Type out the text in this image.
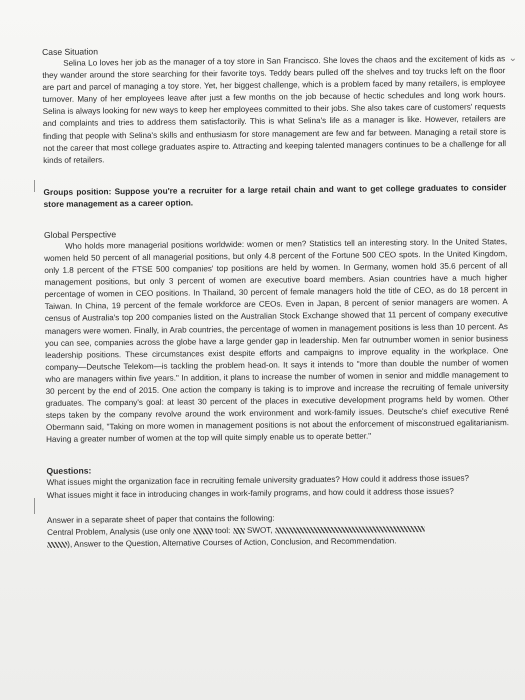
⌄

Case Situation

Selina Lo loves her job as the manager of a toy store in San Francisco. She loves the chaos and the excitement of kids as they wander around the store searching for their favorite toys. Teddy bears pulled off the shelves and toy trucks left on the floor are part and parcel of managing a toy store. Yet, her biggest challenge, which is a problem faced by many retailers, is employee turnover. Many of her employees leave after just a few months on the job because of hectic schedules and long work hours. Selina is always looking for new ways to keep her employees committed to their jobs. She also takes care of customers' requests and complaints and tries to address them satisfactorily. This is what Selina's life as a manager is like. However, retailers are finding that people with Selina's skills and enthusiasm for store management are few and far between. Managing a retail store is not the career that most college graduates aspire to. Attracting and keeping talented managers continues to be a challenge for all kinds of retailers.

Groups position: Suppose you're a recruiter for a large retail chain and want to get college graduates to consider store management as a career option.

Global Perspective

Who holds more managerial positions worldwide: women or men? Statistics tell an interesting story. In the United States, women held 50 percent of all managerial positions, but only 4.8 percent of the Fortune 500 CEO spots. In the United Kingdom, only 1.8 percent of the FTSE 500 companies' top positions are held by women. In Germany, women hold 35.6 percent of all management positions, but only 3 percent of women are executive board members. Asian countries have a much higher percentage of women in CEO positions. In Thailand, 30 percent of female managers hold the title of CEO, as do 18 percent in Taiwan. In China, 19 percent of the female workforce are CEOs. Even in Japan, 8 percent of senior managers are women. A census of Australia's top 200 companies listed on the Australian Stock Exchange showed that 11 percent of company executive managers were women. Finally, in Arab countries, the percentage of women in management positions is less than 10 percent. As you can see, companies across the globe have a large gender gap in leadership. Men far outnumber women in senior business leadership positions. These circumstances exist despite efforts and campaigns to improve equality in the workplace. One company—Deutsche Telekom—is tackling the problem head-on. It says it intends to "more than double the number of women who are managers within five years." In addition, it plans to increase the number of women in senior and middle management to 30 percent by the end of 2015. One action the company is taking is to improve and increase the recruiting of female university graduates. The company's goal: at least 30 percent of the places in executive development programs held by women. Other steps taken by the company revolve around the work environment and work-family issues. Deutsche's chief executive René Obermann said, "Taking on more women in management positions is not about the enforcement of misconstrued egalitarianism. Having a greater number of women at the top will quite simply enable us to operate better."

Questions:

What issues might the organization face in recruiting female university graduates? How could it address those issues?

What issues might it face in introducing changes in work-family programs, and how could it address those issues?

Answer in a separate sheet of paper that contains the following:

Central Problem, Analysis (use only one	tool: SWOT,

), Answer to the Question, Alternative Courses of Action, Conclusion, and Recommendation.
